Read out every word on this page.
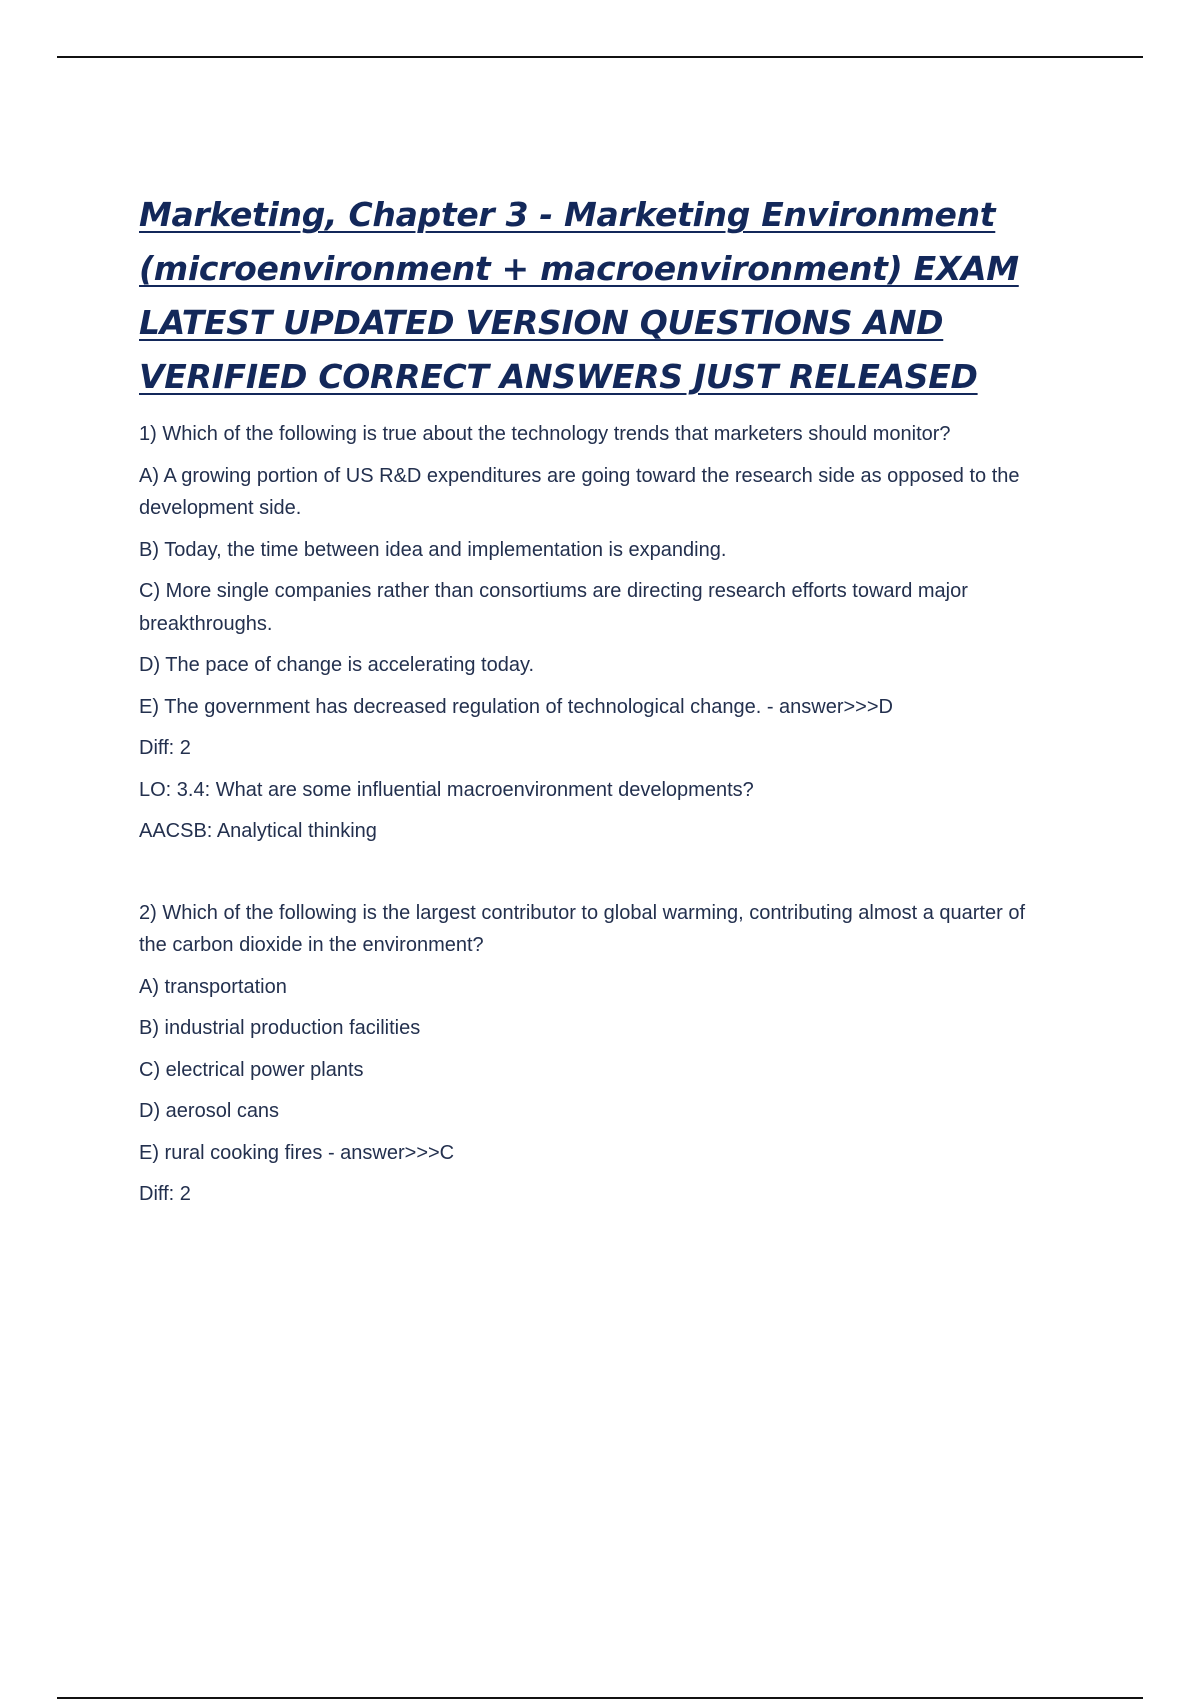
Marketing, Chapter 3 - Marketing Environment
(microenvironment + macroenvironment) EXAM
LATEST UPDATED VERSION QUESTIONS AND
VERIFIED CORRECT ANSWERS JUST RELEASED

1) Which of the following is true about the technology trends that marketers should monitor?

A) A growing portion of US R&D expenditures are going toward the research side as opposed to the development side.

B) Today, the time between idea and implementation is expanding.

C) More single companies rather than consortiums are directing research efforts toward major breakthroughs.

D) The pace of change is accelerating today.

E) The government has decreased regulation of technological change. - answer>>>D

Diff: 2

LO: 3.4: What are some influential macroenvironment developments?

AACSB: Analytical thinking

2) Which of the following is the largest contributor to global warming, contributing almost a quarter of the carbon dioxide in the environment?

A) transportation

B) industrial production facilities

C) electrical power plants

D) aerosol cans

E) rural cooking fires - answer>>>C

Diff: 2
